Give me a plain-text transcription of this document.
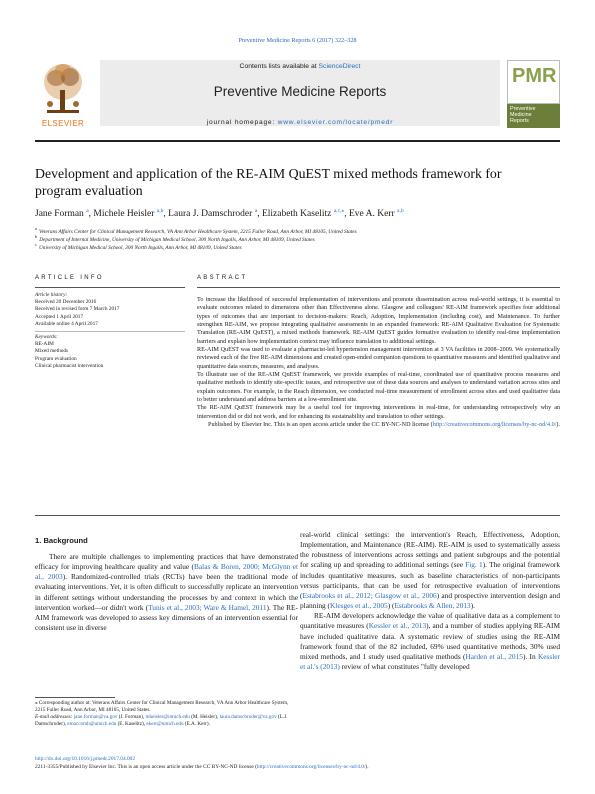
Preventive Medicine Reports 6 (2017) 322–328
ELSEVIER
Contents lists available at ScienceDirect
Preventive Medicine Reports
journal homepage: www.elsevier.com/locate/pmedr
PMR
Preventive
Medicine
Reports
Development and application of the RE-AIM QuEST mixed methods framework for
program evaluation
Jane Forman $^a$, Michele Heisler $^{a,b}$, Laura J. Damschroder $^a$, Elizabeth Kaselitz $^{a,c,⁎}$, Eve A. Kerr $^{a,b}$
$^a$Veterans Affairs Center for Clinical Management Research, VA Ann Arbor Healthcare System, 2215 Fuller Road, Ann Arbor, MI 48105, United States
$^b$Department of Internal Medicine, University of Michigan Medical School, 300 North Ingalls, Ann Arbor, MI 48109, United States
$^c$University of Michigan Medical School, 300 North Ingalls, Ann Arbor, MI 48109, United States
ARTICLE INFO
Article history:
Received 20 December 2016
Received in revised form 7 March 2017
Accepted 1 April 2017
Available online 4 April 2017
Keywords:
RE-AIM
Mixed methods
Program evaluation
Clinical pharmacist intervention
ABSTRACT

To increase the likelihood of successful implementation of interventions and promote dissemination across real-world settings, it is essential to evaluate outcomes related to dimensions other than Effectiveness alone. Glasgow and colleagues' RE-AIM framework specifies four additional types of outcomes that are important to decision-makers: Reach, Adoption, Implementation (including cost), and Maintenance. To further strengthen RE-AIM, we propose integrating qualitative assessments in an expanded framework: RE-AIM Qualitative Evaluation for Systematic Translation (RE-AIM QuEST), a mixed methods framework. RE-AIM QuEST guides formative evaluation to identify real-time implementation barriers and explain how implementation context may influence translation to additional settings.

RE-AIM QuEST was used to evaluate a pharmacist-led hypertension management intervention at 3 VA facilities in 2008–2009. We systematically reviewed each of the five RE-AIM dimensions and created open-ended companion questions to quantitative measures and identified qualitative and quantitative data sources, measures, and analyses.

To illustrate use of the RE-AIM QuEST framework, we provide examples of real-time, coordinated use of quantitative process measures and qualitative methods to identify site-specific issues, and retrospective use of these data sources and analyses to understand variation across sites and explain outcomes. For example, in the Reach dimension, we conducted real-time measurement of enrollment across sites and used qualitative data to better understand and address barriers at a low-enrollment site.

The RE-AIM QuEST framework may be a useful tool for improving interventions in real-time, for understanding retrospectively why an intervention did or did not work, and for enhancing its sustainability and translation to other settings.

Published by Elsevier Inc. This is an open access article under the CC BY-NC-ND license (http://creativecommons.org/licenses/by-nc-nd/4.0/).

1. Background

There are multiple challenges to implementing practices that have demonstrated efficacy for improving healthcare quality and value (Balas & Boren, 2000; McGlynn et al., 2003). Randomized-controlled trials (RCTs) have been the traditional mode of evaluating interventions. Yet, it is often difficult to successfully replicate an intervention in different settings without understanding the processes by and context in which the intervention worked—or didn't work (Tunis et al., 2003; Ware & Hamel, 2011). The RE-AIM framework was developed to assess key dimensions of an intervention essential for consistent use in diverse

real-world clinical settings: the intervention's Reach, Effectiveness, Adoption, Implementation, and Maintenance (RE-AIM). RE-AIM is used to systematically assess the robustness of interventions across settings and patient subgroups and the potential for scaling up and spreading to additional settings (see Fig. 1). The original framework includes quantitative measures, such as baseline characteristics of non-participants versus participants, that can be used for retrospective evaluation of interventions (Estabrooks et al., 2012; Glasgow et al., 2006) and prospective intervention design and planning (Klesges et al., 2005) (Estabrooks & Allen, 2013).

RE-AIM developers acknowledge the value of qualitative data as a complement to quantitative measures (Kessler et al., 2013), and a number of studies applying RE-AIM have included qualitative data. A systematic review of studies using the RE-AIM framework found that of the 82 included, 69% used quantitative methods, 30% used mixed methods, and 1 study used qualitative methods (Harden et al., 2015). In Kessler et al.'s (2013) review of what constitutes "fully developed

⁎ Corresponding author at: Veterans Affairs Center for Clinical Management Research, VA Ann Arbor Healthcare System, 2215 Fuller Road, Ann Arbor, MI 48105, United States.
E-mail addresses: jane.forman@va.gov (J. Forman), mheisler@umich.edu (M. Heisler), laura.damschroder@va.gov (L.J. Damschroder), emaccomb@umich.edu (E. Kaselitz), ekerr@umich.edu (E.A. Kerr).
http://dx.doi.org/10.1016/j.pmedr.2017.04.002
2211-3355/Published by Elsevier Inc. This is an open access article under the CC BY-NC-ND license (http://creativecommons.org/licenses/by-nc-nd/4.0/).
